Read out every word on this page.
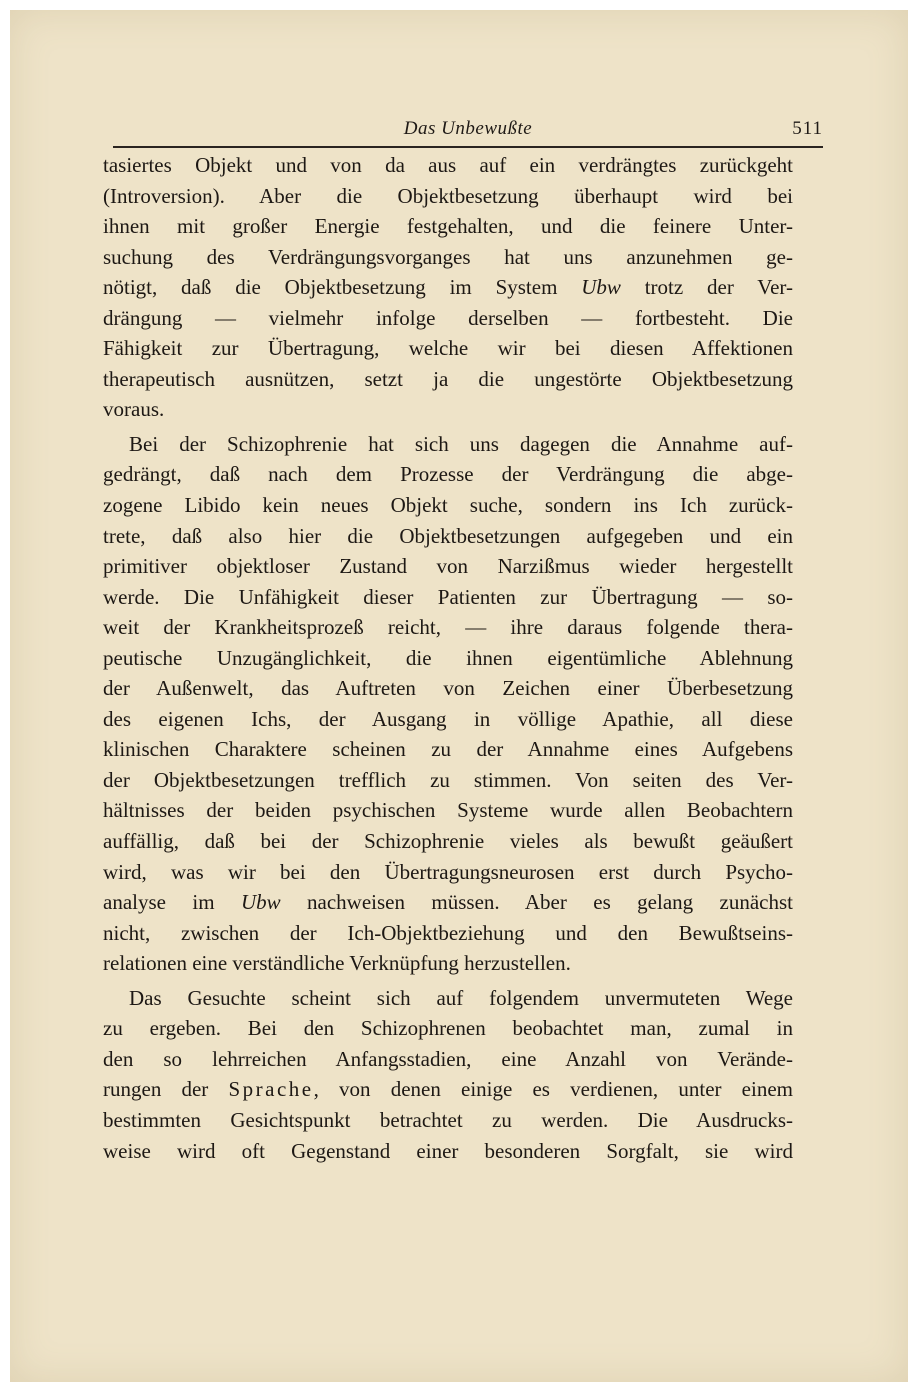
Das Unbewußte	511
tasiertes Objekt und von da aus auf ein verdrängtes zurückgeht
(Introversion). Aber die Objektbesetzung überhaupt wird bei
ihnen mit großer Energie festgehalten, und die feinere Unter-
suchung des Verdrängungsvorganges hat uns anzunehmen ge-
nötigt, daß die Objektbesetzung im System Ubw trotz der Ver-
drängung — vielmehr infolge derselben — fortbesteht. Die
Fähigkeit zur Übertragung, welche wir bei diesen Affektionen
therapeutisch ausnützen, setzt ja die ungestörte Objektbesetzung
voraus.
Bei der Schizophrenie hat sich uns dagegen die Annahme auf-
gedrängt, daß nach dem Prozesse der Verdrängung die abge-
zogene Libido kein neues Objekt suche, sondern ins Ich zurück-
trete, daß also hier die Objektbesetzungen aufgegeben und ein
primitiver objektloser Zustand von Narzißmus wieder hergestellt
werde. Die Unfähigkeit dieser Patienten zur Übertragung — so-
weit der Krankheitsprozeß reicht, — ihre daraus folgende thera-
peutische Unzugänglichkeit, die ihnen eigentümliche Ablehnung
der Außenwelt, das Auftreten von Zeichen einer Überbesetzung
des eigenen Ichs, der Ausgang in völlige Apathie, all diese
klinischen Charaktere scheinen zu der Annahme eines Aufgebens
der Objektbesetzungen trefflich zu stimmen. Von seiten des Ver-
hältnisses der beiden psychischen Systeme wurde allen Beobachtern
auffällig, daß bei der Schizophrenie vieles als bewußt geäußert
wird, was wir bei den Übertragungsneurosen erst durch Psycho-
analyse im Ubw nachweisen müssen. Aber es gelang zunächst
nicht, zwischen der Ich-Objektbeziehung und den Bewußtseins-
relationen eine verständliche Verknüpfung herzustellen.
Das Gesuchte scheint sich auf folgendem unvermuteten Wege
zu ergeben. Bei den Schizophrenen beobachtet man, zumal in
den so lehrreichen Anfangsstadien, eine Anzahl von Verände-
rungen der Sprache, von denen einige es verdienen, unter einem
bestimmten Gesichtspunkt betrachtet zu werden. Die Ausdrucks-
weise wird oft Gegenstand einer besonderen Sorgfalt, sie wird
